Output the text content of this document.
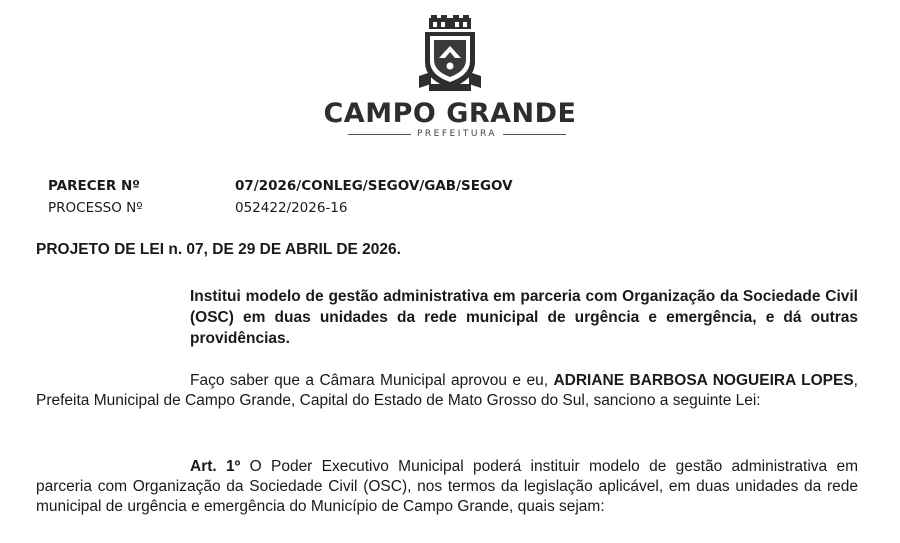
CAMPO GRANDE
PREFEITURA
PARECER Nº	07/2026/CONLEG/SEGOV/GAB/SEGOV
PROCESSO Nº	052422/2026-16
PROJETO DE LEI n. 07, DE 29 DE ABRIL DE 2026.
Institui modelo de gestão administrativa em parceria com Organização da Sociedade Civil (OSC) em duas unidades da rede municipal de urgência e emergência, e dá outras providências.
Faço saber que a Câmara Municipal aprovou e eu, ADRIANE BARBOSA NOGUEIRA LOPES, Prefeita Municipal de Campo Grande, Capital do Estado de Mato Grosso do Sul, sanciono a seguinte Lei:
Art. 1º O Poder Executivo Municipal poderá instituir modelo de gestão administrativa em parceria com Organização da Sociedade Civil (OSC), nos termos da legislação aplicável, em duas unidades da rede municipal de urgência e emergência do Município de Campo Grande, quais sejam:
